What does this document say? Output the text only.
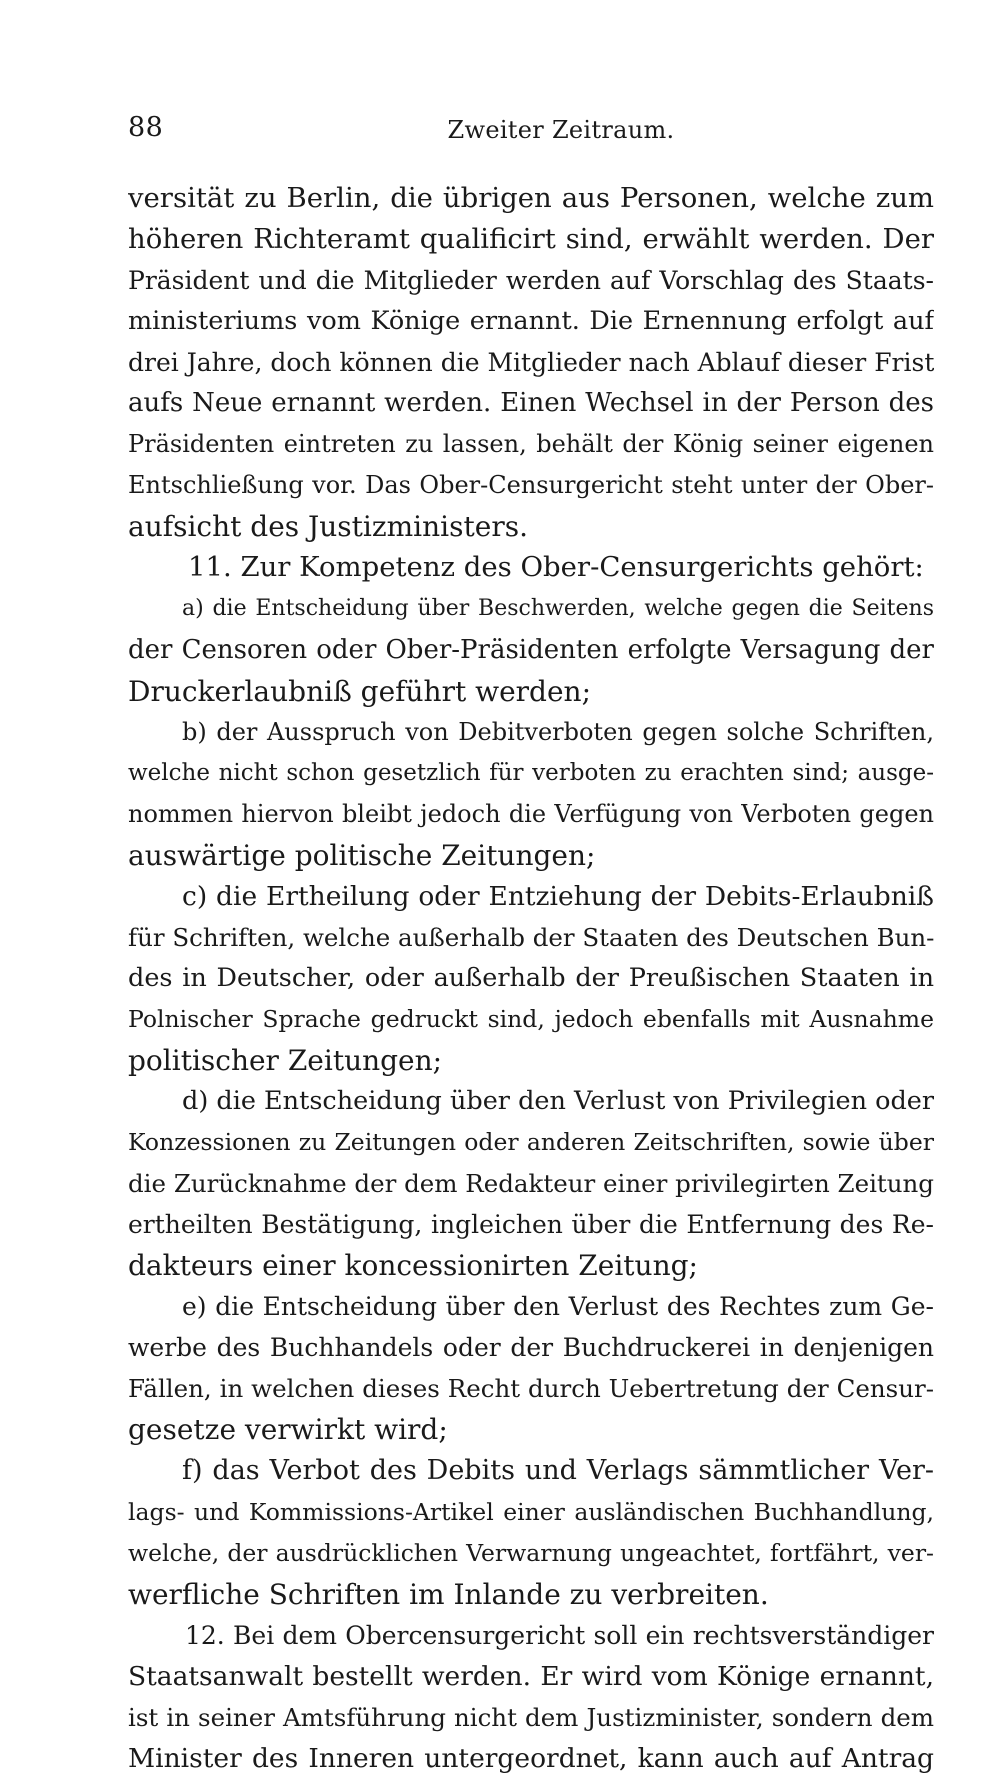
88	Zweiter Zeitraum.
versität zu Berlin, die übrigen aus Personen, welche zum
höheren Richteramt qualificirt sind, erwählt werden. Der
Präsident und die Mitglieder werden auf Vorschlag des Staats-
ministeriums vom Könige ernannt. Die Ernennung erfolgt auf
drei Jahre, doch können die Mitglieder nach Ablauf dieser Frist
aufs Neue ernannt werden. Einen Wechsel in der Person des
Präsidenten eintreten zu lassen, behält der König seiner eigenen
Entschließung vor. Das Ober-Censurgericht steht unter der Ober-
aufsicht des Justizministers.
11. Zur Kompetenz des Ober-Censurgerichts gehört:
a) die Entscheidung über Beschwerden, welche gegen die Seitens
der Censoren oder Ober-Präsidenten erfolgte Versagung der
Druckerlaubniß geführt werden;
b) der Ausspruch von Debitverboten gegen solche Schriften,
welche nicht schon gesetzlich für verboten zu erachten sind; ausge-
nommen hiervon bleibt jedoch die Verfügung von Verboten gegen
auswärtige politische Zeitungen;
c) die Ertheilung oder Entziehung der Debits-Erlaubniß
für Schriften, welche außerhalb der Staaten des Deutschen Bun-
des in Deutscher, oder außerhalb der Preußischen Staaten in
Polnischer Sprache gedruckt sind, jedoch ebenfalls mit Ausnahme
politischer Zeitungen;
d) die Entscheidung über den Verlust von Privilegien oder
Konzessionen zu Zeitungen oder anderen Zeitschriften, sowie über
die Zurücknahme der dem Redakteur einer privilegirten Zeitung
ertheilten Bestätigung, ingleichen über die Entfernung des Re-
dakteurs einer koncessionirten Zeitung;
e) die Entscheidung über den Verlust des Rechtes zum Ge-
werbe des Buchhandels oder der Buchdruckerei in denjenigen
Fällen, in welchen dieses Recht durch Uebertretung der Censur-
gesetze verwirkt wird;
f) das Verbot des Debits und Verlags sämmtlicher Ver-
lags- und Kommissions-Artikel einer ausländischen Buchhandlung,
welche, der ausdrücklichen Verwarnung ungeachtet, fortfährt, ver-
werfliche Schriften im Inlande zu verbreiten.
12. Bei dem Obercensurgericht soll ein rechtsverständiger
Staatsanwalt bestellt werden. Er wird vom Könige ernannt,
ist in seiner Amtsführung nicht dem Justizminister, sondern dem
Minister des Inneren untergeordnet, kann auch auf Antrag
